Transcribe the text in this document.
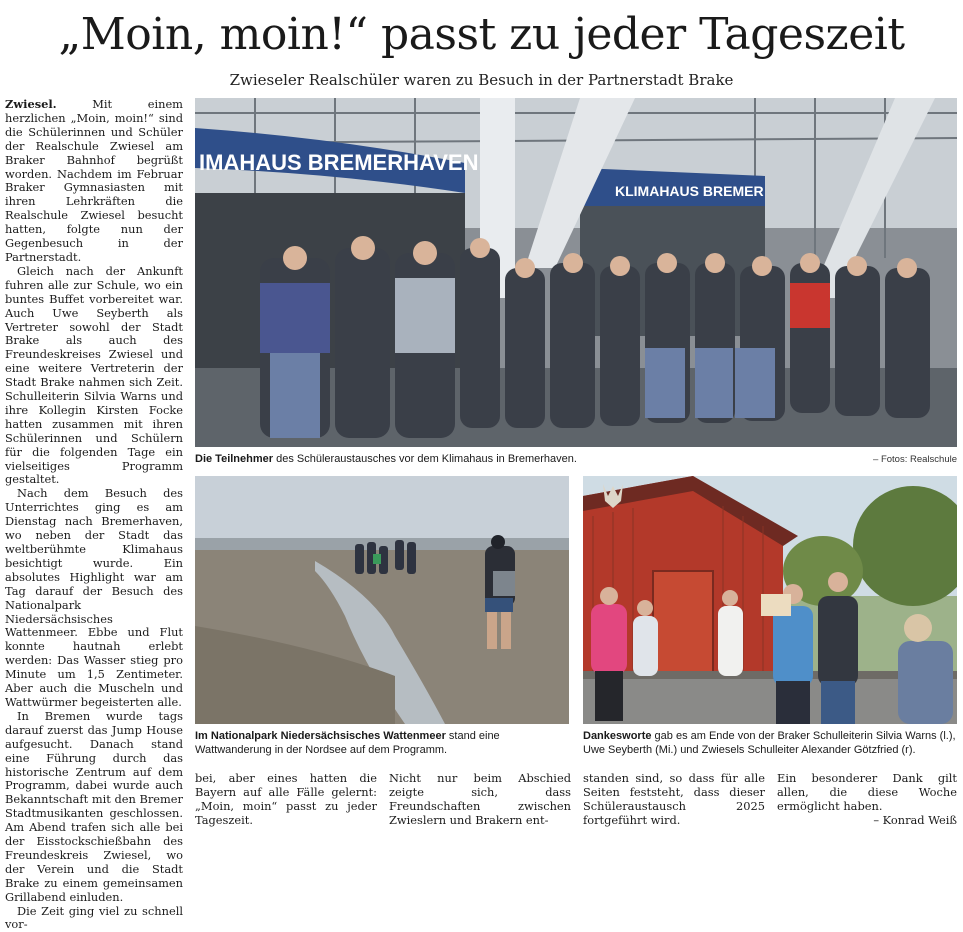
„Moin, moin!“ passt zu jeder Tageszeit
Zwieseler Realschüler waren zu Besuch in der Partnerstadt Brake

Zwiesel.	Mit einem herzlichen „Moin, moin!“ sind die Schülerinnen und Schüler der Realschule Zwiesel am Braker Bahnhof begrüßt worden. Nachdem im Februar Braker Gymnasiasten mit ihren Lehrkräften die Realschule Zwiesel besucht hatten, folgte nun der Gegenbesuch in der Partnerstadt.

Gleich nach der Ankunft fuhren alle zur Schule, wo ein buntes Buffet vorbereitet war. Auch Uwe Seyberth als Vertreter sowohl der Stadt Brake als auch des Freundeskreises Zwiesel und eine weitere Vertreterin der Stadt Brake nahmen sich Zeit. Schulleiterin Silvia Warns und ihre Kollegin Kirsten Focke hatten zusammen mit ihren Schülerinnen und Schülern für die folgenden Tage ein vielseitiges Programm gestaltet.

Nach dem Besuch des Unterrichtes ging es am Dienstag nach Bremerhaven, wo neben der Stadt das weltberühmte Klimahaus besichtigt wurde. Ein absolutes Highlight war am Tag darauf der Besuch des Nationalpark Niedersächsisches Wattenmeer. Ebbe und Flut konnte hautnah erlebt werden: Das Wasser stieg pro Minute um 1,5 Zentimeter. Aber auch die Muscheln und Wattwürmer begeisterten alle.

In Bremen wurde tags darauf zuerst das Jump House aufgesucht. Danach stand eine Führung durch das historische Zentrum auf dem Programm, dabei wurde auch Bekanntschaft mit den Bremer Stadtmusikanten geschlossen. Am Abend trafen sich alle bei der Eisstockschießbahn des Freundeskreis Zwiesel, wo der Verein und die Stadt Brake zu einem gemeinsamen Grillabend einluden.

Die Zeit ging viel zu schnell vor-

IMAHAUS BREMERHAVEN
KLIMAHAUS BREMER
Die Teilnehmer des Schüleraustausches vor dem Klimahaus in Bremerhaven.	– Fotos: Realschule
Im Nationalpark Niedersächsisches Wattenmeer stand eine Wattwanderung in der Nordsee auf dem Programm.
Dankesworte gab es am Ende von der Braker Schulleiterin Silvia Warns (l.), Uwe Seyberth (Mi.) und Zwiesels Schulleiter Alexander Götzfried (r).

bei, aber eines hatten die Bayern auf alle Fälle gelernt: „Moin, moin“ passt zu jeder Tageszeit.

Nicht nur beim Abschied zeigte sich, dass Freundschaften zwischen Zwieslern und Brakern ent-

standen sind, so dass für alle Seiten feststeht, dass dieser Schüleraustausch 2025 fortgeführt wird.

Ein besonderer Dank gilt allen, die diese Woche ermöglicht haben.

– Konrad Weiß
